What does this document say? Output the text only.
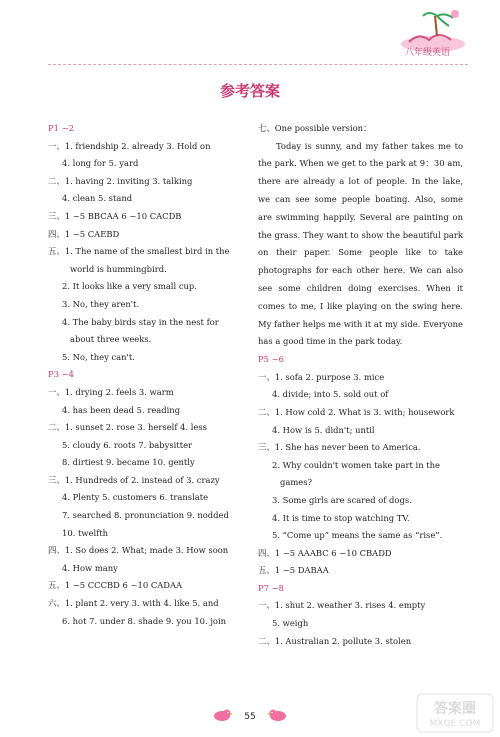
八年级英语
参考答案
P1 ~2
一、1. friendship 2. already 3. Hold on
4. long for 5. yard
二、1. having 2. inviting 3. talking
4. clean 5. stand
三、1 ~5 BBCAA 6 ~10 CACDB
四、1 ~5 CAEBD
五、1. The name of the smallest bird in the
world is hummingbird.
2. It looks like a very small cup.
3. No, they aren't.
4. The baby birds stay in the nest for
about three weeks.
5. No, they can't.
P3 ~4
一、1. drying 2. feels 3. warm
4. has been dead 5. reading
二、1. sunset 2. rose 3. herself 4. less
5. cloudy 6. roots 7. babysitter
8. dirtiest 9. became 10. gently
三、1. Hundreds of 2. instead of 3. crazy
4. Plenty 5. customers 6. translate
7. searched 8. pronunciation 9. nodded
10. twelfth
四、1. So does 2. What; made 3. How soon
4. How many
五、1 ~5 CCCBD 6 ~10 CADAA
六、1. plant 2. very 3. with 4. like 5. and
6. hot 7. under 8. shade 9. you 10. join
七、One possible version：
Today is sunny, and my father takes me to the park. When we get to the park at 9：30 am, there are already a lot of people. In the lake, we can see some people boating. Also, some are swimming happily. Several are painting on the grass. They want to show the beautiful park on their paper. Some people like to take photographs for each other here. We can also see some children doing exercises. When it comes to me, I like playing on the swing here. My father helps me with it at my side. Everyone has a good time in the park today.
P5 ~6
一、1. sofa 2. purpose 3. mice
4. divide; into 5. sold out of
二、1. How cold 2. What is 3. with; housework
4. How is 5. didn't; until
三、1. She has never been to America.
2. Why couldn't women take part in the
games?
3. Some girls are scared of dogs.
4. It is time to stop watching TV.
5. “Come up” means the same as “rise”.
四、1 ~5 AAABC 6 ~10 CBADD
五、1 ~5 DABAA
P7 ~8
一、1. shut 2. weather 3. rises 4. empty
5. weigh
二、1. Australian 2. pollute 3. stolen
55	答案圈
MXQE.COM
